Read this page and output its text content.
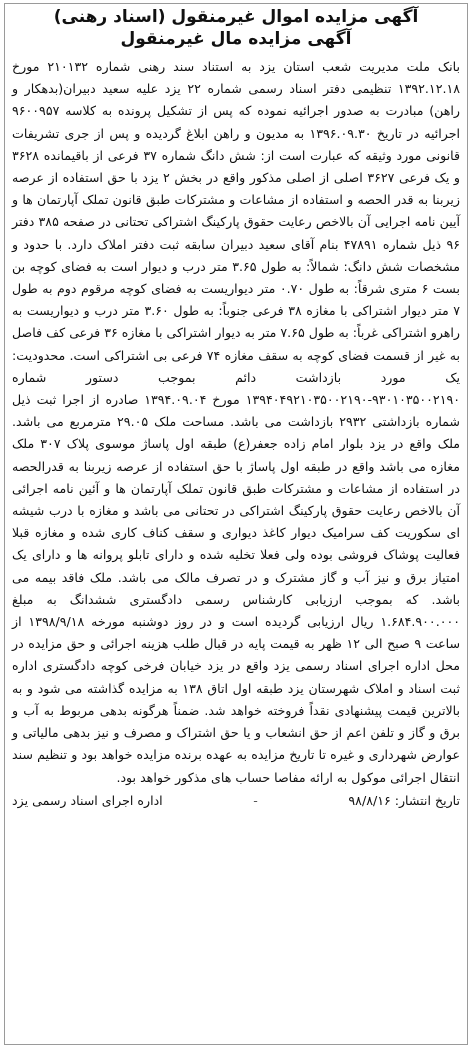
آگهی مزایده اموال غیرمنقول (اسناد رهنی)
آگهی مزایده مال غیرمنقول

بانک ملت مدیریت شعب استان یزد به استناد سند رهنی شماره ۲۱۰۱۳۲ مورخ ۱۳۹۲.۱۲.۱۸ تنظیمی دفتر اسناد رسمی شماره ۲۲ یزد علیه سعید دبیران(بدهکار و راهن) مبادرت به صدور اجرائیه نموده که پس از تشکیل پرونده به کلاسه ۹۶۰۰۹۵۷ اجرائیه در تاریخ ۱۳۹۶.۰۹.۳۰ به مدیون و راهن ابلاغ گردیده و پس از جری تشریفات قانونی مورد وثیقه که عبارت است از: شش دانگ شماره ۳۷ فرعی از باقیمانده ۳۶۲۸ و یک فرعی ۳۶۲۷ اصلی از اصلی مذکور واقع در بخش ۲ یزد با حق استفاده از عرصه زیربنا به قدر الحصه و استفاده از مشاعات و مشترکات طبق قانون تملک آپارتمان ها و آیین نامه اجرایی آن بالاخص رعایت حقوق پارکینگ اشتراکی تحتانی در صفحه ۳۸۵ دفتر ۹۶ ذیل شماره ۴۷۸۹۱ بنام آقای سعید دبیران سابقه ثبت دفتر املاک دارد. با حدود و مشخصات شش دانگ: شمالاً: به طول ۳.۶۵ متر درب و دیوار است به فضای کوچه بن بست ۶ متری شرقاً: به طول ۰.۷۰ متر دیواریست به فضای کوچه مرقوم دوم به طول ۷ متر دیوار اشتراکی با مغازه ۳۸ فرعی جنوباً: به طول ۳.۶۰ متر درب و دیواریست به راهرو اشتراکی غرباً: به طول ۷.۶۵ متر به دیوار اشتراکی با مغازه ۳۶ فرعی کف فاصل به غیر از قسمت فضای کوچه به سقف مغازه ۷۴ فرعی بی اشتراکی است. محدودیت: یک مورد بازداشت دائم بموجب دستور شماره ۹۳۰۱۰۳۵۰۰۲۱۹۰-۱۳۹۴۰۴۹۲۱۰۳۵۰۰۲۱۹۰ مورخ ۱۳۹۴.۰۹.۰۴ صادره از اجرا ثبت ذیل شماره بازداشتی ۲۹۳۲ بازداشت می باشد. مساحت ملک ۲۹.۰۵ مترمربع می باشد. ملک واقع در یزد بلوار امام زاده جعفر(ع) طبقه اول پاساژ موسوی پلاک ۳۰۷ ملک مغازه می باشد واقع در طبقه اول پاساژ با حق استفاده از عرصه زیربنا به قدرالحصه در استفاده از مشاعات و مشترکات طبق قانون تملک آپارتمان ها و آئین نامه اجرائی آن بالاخص رعایت حقوق پارکینگ اشتراکی در تحتانی می باشد و مغازه با درب شیشه ای سکوریت کف سرامیک دیوار کاغذ دیواری و سقف کناف کاری شده و مغازه قبلا فعالیت پوشاک فروشی بوده ولی فعلا تخلیه شده و دارای تابلو پروانه ها و دارای یک امتیاز برق و نیز آب و گاز مشترک و در تصرف مالک می باشد. ملک فاقد بیمه می باشد. که بموجب ارزیابی کارشناس رسمی دادگستری ششدانگ به مبلغ ۱.۶۸۴.۹۰۰.۰۰۰ ریال ارزیابی گردیده است و در روز دوشنبه مورخه ۱۳۹۸/۹/۱۸ از ساعت ۹ صبح الی ۱۲ ظهر به قیمت پایه در قبال طلب هزینه اجرائی و حق مزایده در محل اداره اجرای اسناد رسمی یزد واقع در یزد خیابان فرخی کوچه دادگستری اداره ثبت اسناد و املاک شهرستان یزد طبقه اول اتاق ۱۳۸ به مزایده گذاشته می شود و به بالاترین قیمت پیشنهادی نقداً فروخته خواهد شد. ضمناً هرگونه بدهی مربوط به آب و برق و گاز و تلفن اعم از حق انشعاب و یا حق اشتراک و مصرف و نیز بدهی مالیاتی و عوارض شهرداری و غیره تا تاریخ مزایده به عهده برنده مزایده خواهد بود و تنظیم سند انتقال اجرائی موکول به ارائه مفاصا حساب های مذکور خواهد بود.

تاریخ انتشار: ۹۸/۸/۱۶
-
اداره اجرای اسناد رسمی یزد
